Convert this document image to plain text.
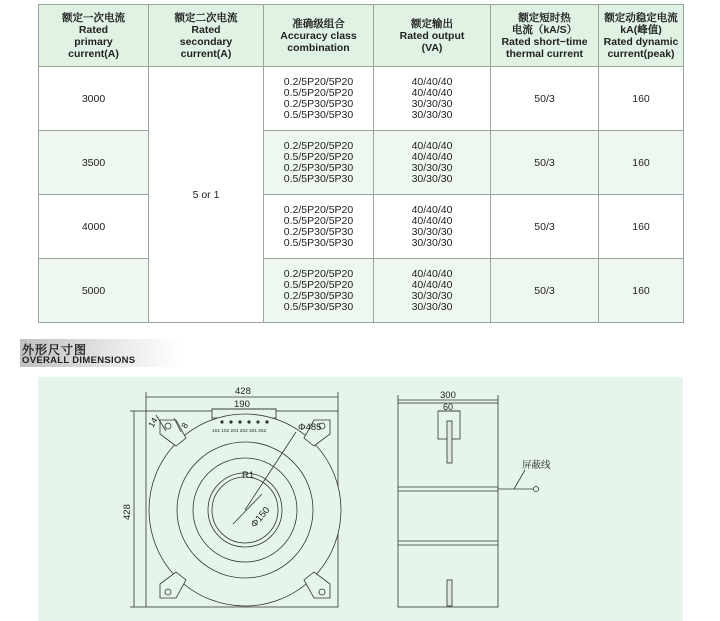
额定一次电流
Rated
primary
current(A)	额定二次电流
Rated
secondary
current(A)	准确级组合
Accuracy class
combination	额定输出
Rated output
(VA)	额定短时热
电流（kA/S）
Rated short−time
thermal current	额定动稳定电流
kA(峰值)
Rated dynamic
current(peak)

3000	5 or 1	0.2/5P20/5P20
0.5/5P20/5P20
0.2/5P30/5P30
0.5/5P30/5P30	40/40/40
40/40/40
30/30/30
30/30/30	50/3	160
3500		0.2/5P20/5P20
0.5/5P20/5P20
0.2/5P30/5P30
0.5/5P30/5P30	40/40/40
40/40/40
30/30/30
30/30/30	50/3	160
4000		0.2/5P20/5P20
0.5/5P20/5P20
0.2/5P30/5P30
0.5/5P30/5P30	40/40/40
40/40/40
30/30/30
30/30/30	50/3	160
5000		0.2/5P20/5P20
0.5/5P20/5P20
0.2/5P30/5P30
0.5/5P30/5P30	40/40/40
40/40/40
30/30/30
30/30/30	50/3	160
外形尺寸图
OVERALL DIMENSIONS
1S1 1S2 2S1 2S2 3S1 3S2
428
190
Φ485
R1
Φ150
428
14 8
300
60
屏蔽线
